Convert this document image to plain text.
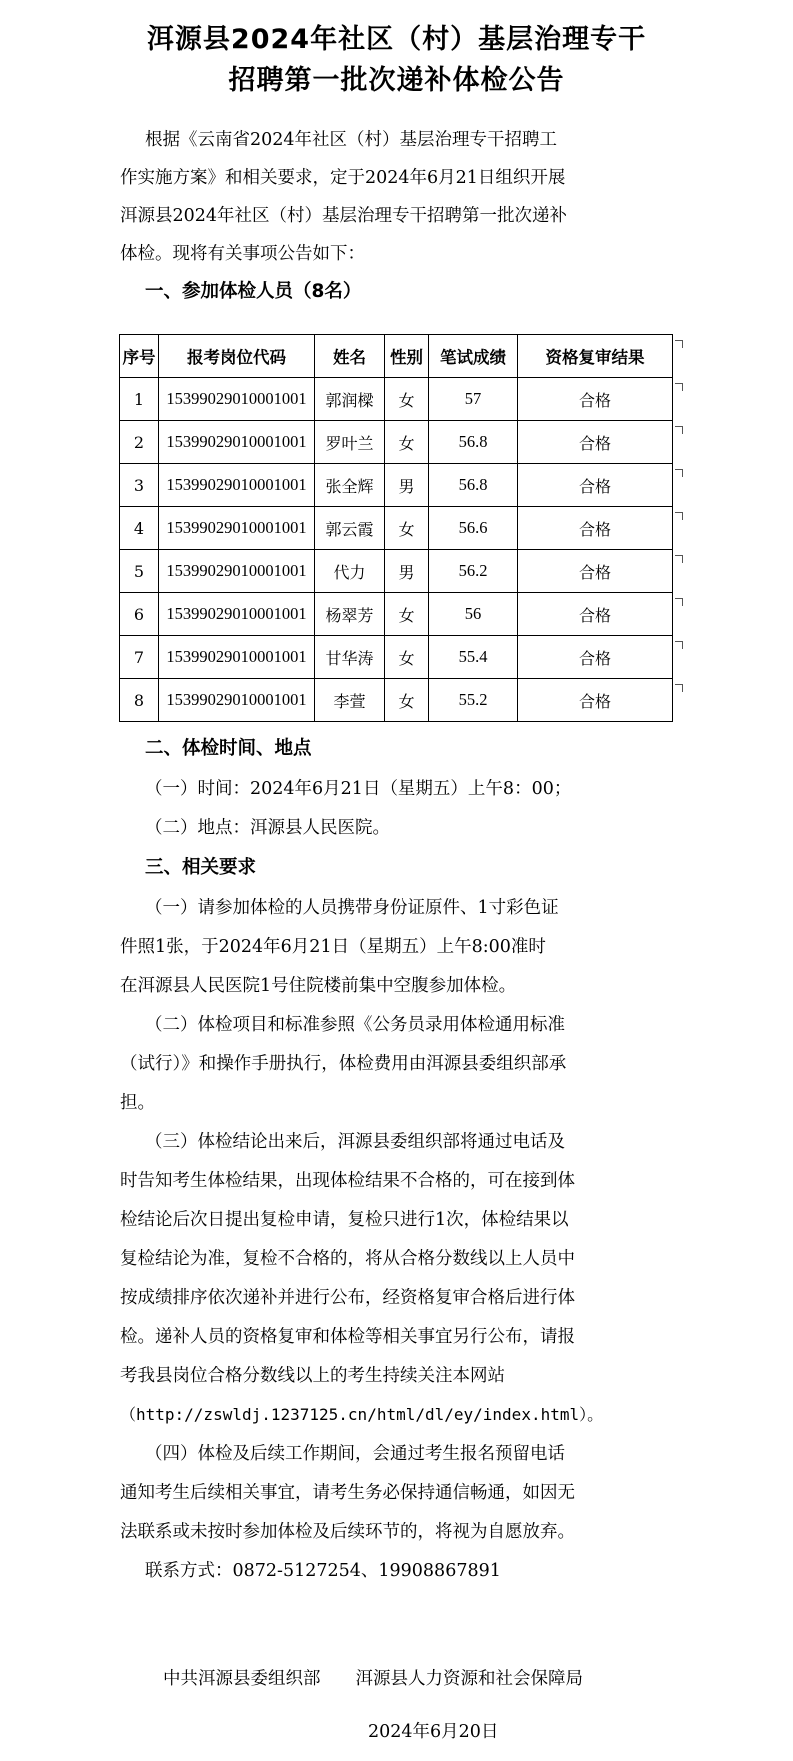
洱源县2024年社区（村）基层治理专干
招聘第一批次递补体检公告
根据《云南省2024年社区（村）基层治理专干招聘工
作实施方案》和相关要求，定于2024年6月21日组织开展
洱源县2024年社区（村）基层治理专干招聘第一批次递补
体检。现将有关事项公告如下：
一、参加体检人员（8名）
序号	报考岗位代码	姓名	性别	笔试成绩	资格复审结果
1	15399029010001001	郭润樑	女	57	合格
2	15399029010001001	罗叶兰	女	56.8	合格
3	15399029010001001	张全辉	男	56.8	合格
4	15399029010001001	郭云霞	女	56.6	合格
5	15399029010001001	代力	男	56.2	合格
6	15399029010001001	杨翠芳	女	56	合格
7	15399029010001001	甘华涛	女	55.4	合格
8	15399029010001001	李萱	女	55.2	合格
二、体检时间、地点
（一）时间：2024年6月21日（星期五）上午8：00；
（二）地点：洱源县人民医院。
三、相关要求
（一）请参加体检的人员携带身份证原件、1寸彩色证
件照1张，于2024年6月21日（星期五）上午8:00准时
在洱源县人民医院1号住院楼前集中空腹参加体检。
（二）体检项目和标准参照《公务员录用体检通用标准
（试行）》和操作手册执行，体检费用由洱源县委组织部承
担。
（三）体检结论出来后，洱源县委组织部将通过电话及
时告知考生体检结果，出现体检结果不合格的，可在接到体
检结论后次日提出复检申请，复检只进行1次，体检结果以
复检结论为准，复检不合格的，将从合格分数线以上人员中
按成绩排序依次递补并进行公布，经资格复审合格后进行体
检。递补人员的资格复审和体检等相关事宜另行公布，请报
考我县岗位合格分数线以上的考生持续关注本网站
（http://zswldj.1237125.cn/html/dl/ey/index.html）。
（四）体检及后续工作期间，会通过考生报名预留电话
通知考生后续相关事宜，请考生务必保持通信畅通，如因无
法联系或未按时参加体检及后续环节的，将视为自愿放弃。
联系方式：0872-5127254、19908867891
中共洱源县委组织部　　洱源县人力资源和社会保障局
2024年6月20日
